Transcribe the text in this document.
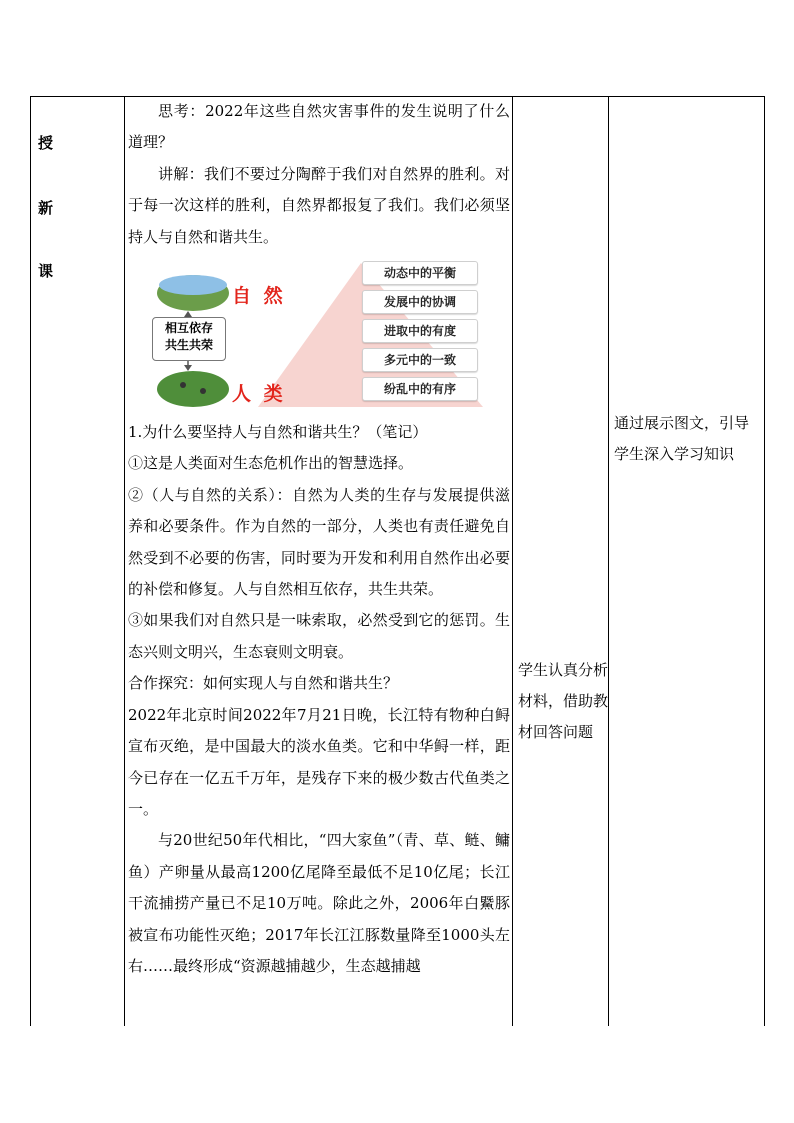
授
新
课

思考：2022年这些自然灾害事件的发生说明了什么道理？

讲解：我们不要过分陶醉于我们对自然界的胜利。对于每一次这样的胜利，自然界都报复了我们。我们必须坚持人与自然和谐共生。

自 然
人 类
相互依存
共生共荣
动态中的平衡
发展中的协调
进取中的有度
多元中的一致
纷乱中的有序

1.为什么要坚持人与自然和谐共生？（笔记）

①这是人类面对生态危机作出的智慧选择。

②（人与自然的关系）：自然为人类的生存与发展提供滋养和必要条件。作为自然的一部分，人类也有责任避免自然受到不必要的伤害，同时要为开发和利用自然作出必要的补偿和修复。人与自然相互依存，共生共荣。

③如果我们对自然只是一味索取，必然受到它的惩罚。生态兴则文明兴，生态衰则文明衰。

合作探究：如何实现人与自然和谐共生？

2022年北京时间2022年7月21日晚，长江特有物种白鲟宣布灭绝，是中国最大的淡水鱼类。它和中华鲟一样，距今已存在一亿五千万年，是残存下来的极少数古代鱼类之一。

与20世纪50年代相比，“四大家鱼”（青、草、鲢、鳙鱼）产卵量从最高1200亿尾降至最低不足10亿尾；长江干流捕捞产量已不足10万吨。除此之外，2006年白鱀豚被宣布功能性灭绝；2017年长江江豚数量降至1000头左右……最终形成“资源越捕越少，生态越捕越

学生认真分析材料，借助教材回答问题

通过展示图文，引导学生深入学习知识
